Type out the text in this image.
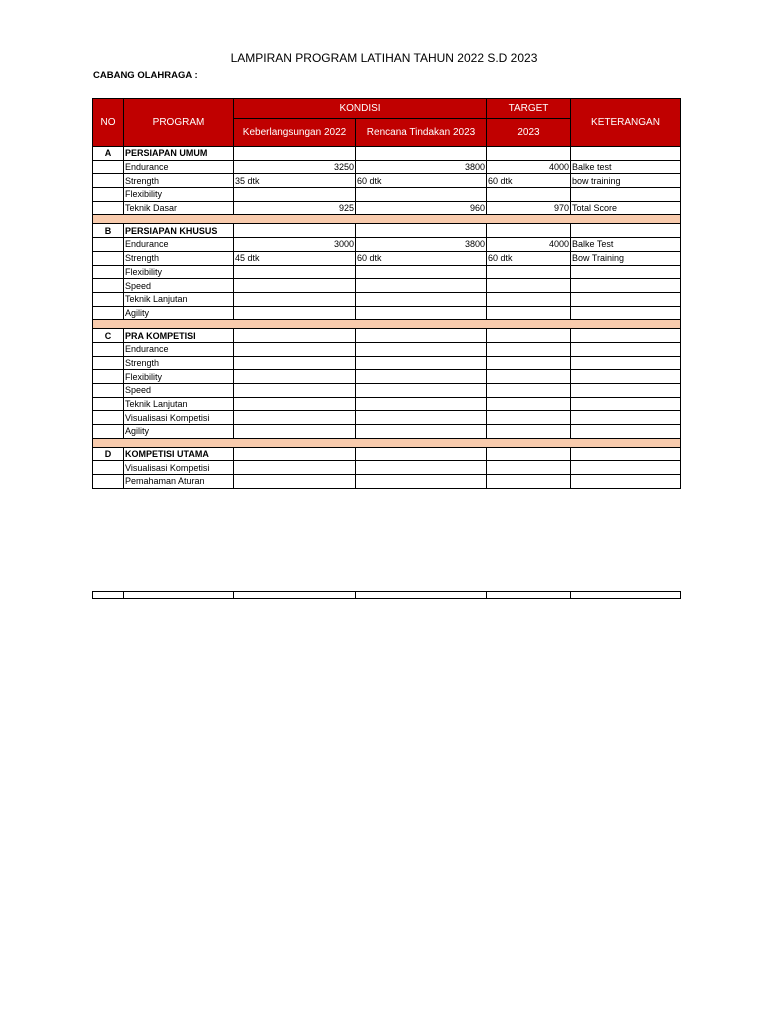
LAMPIRAN PROGRAM LATIHAN TAHUN 2022 S.D 2023
CABANG OLAHRAGA :
NO	PROGRAM	KONDISI		TARGET	KETERANGAN
		Keberlangsungan 2022	Rencana Tindakan 2023	2023	
A	PERSIAPAN UMUM				
	Endurance	3250	3800	4000	Balke test
	Strength	35 dtk	60 dtk	60 dtk	bow training
	Flexibility				
	Teknik Dasar	925	960	970	Total Score

B	PERSIAPAN KHUSUS				
	Endurance	3000	3800	4000	Balke Test
	Strength	45 dtk	60 dtk	60 dtk	Bow Training
	Flexibility				
	Speed				
	Teknik Lanjutan				
	Agility				

C	PRA KOMPETISI				
	Endurance				
	Strength				
	Flexibility				
	Speed				
	Teknik Lanjutan				
	Visualisasi Kompetisi				
	Agility				

D	KOMPETISI UTAMA				
	Visualisasi Kompetisi				
	Pemahaman Aturan				
